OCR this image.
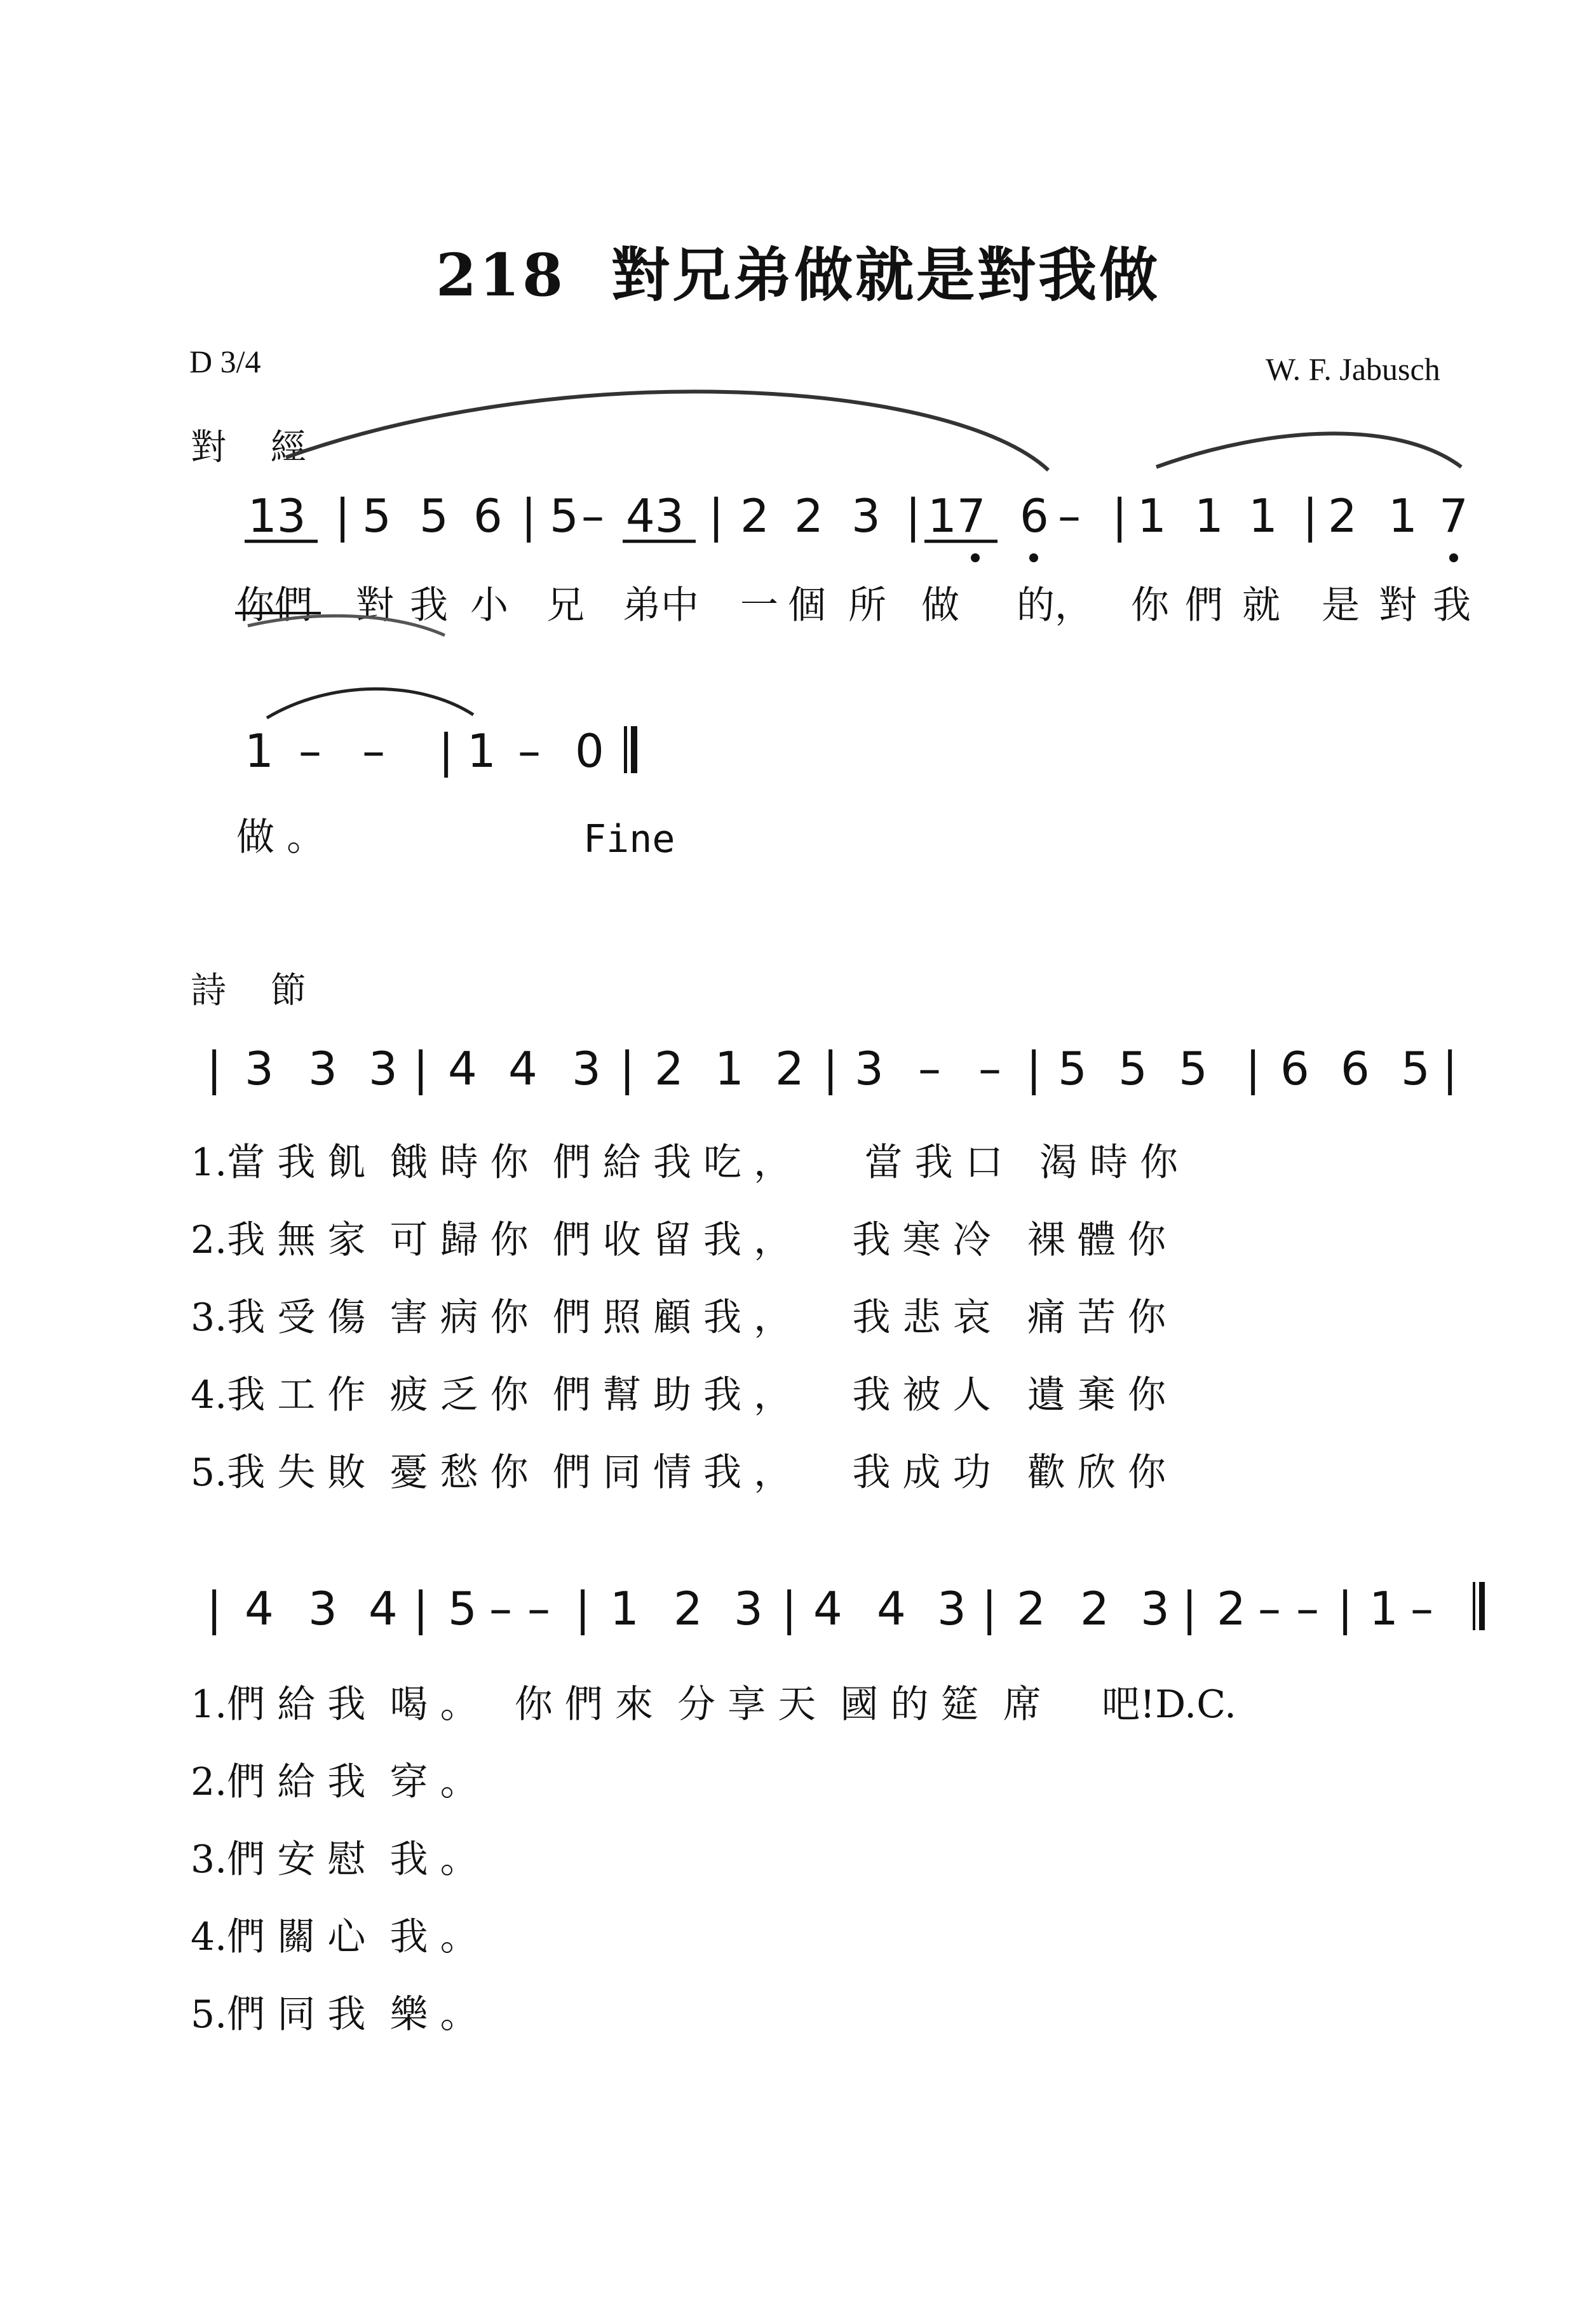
218  對兄弟做就是對我做
D 3/4	W. F. Jabusch
對 經
13 | 5 5 6 | 5 – 43 | 2 2 3 | 17 6 – | 1 1 1 | 2 1 7
你們 對 我 小 兄 弟中 一 個 所 做 的， 你 們 就 是 對 我
1 – – | 1 – 0
做 。	Fine
詩 節
| 3 3 3 | 4 4 3 | 2 1 2 | 3 – – | 5 5 5 | 6 6 5 |
1.當 我 飢  餓 時 你  們 給 我 吃 ，      當 我 口   渴 時 你
2.我 無 家  可 歸 你  們 收 留 我 ，     我 寒 冷   裸 體 你
3.我 受 傷  害 病 你  們 照 顧 我 ，     我 悲 哀   痛 苦 你
4.我 工 作  疲 乏 你  們 幫 助 我 ，     我 被 人   遺 棄 你
5.我 失 敗  憂 愁 你  們 同 情 我 ，     我 成 功   歡 欣 你
| 4 3 4 | 5 – – | 1 2 3 | 4 4 3 | 2 2 3 | 2 – – | 1 –
1.們 給 我  喝 。   你 們 來  分 享 天  國 的 筵  席     吧!D.C.
2.們 給 我  穿 。
3.們 安 慰  我 。
4.們 關 心  我 。
5.們 同 我  樂 。
